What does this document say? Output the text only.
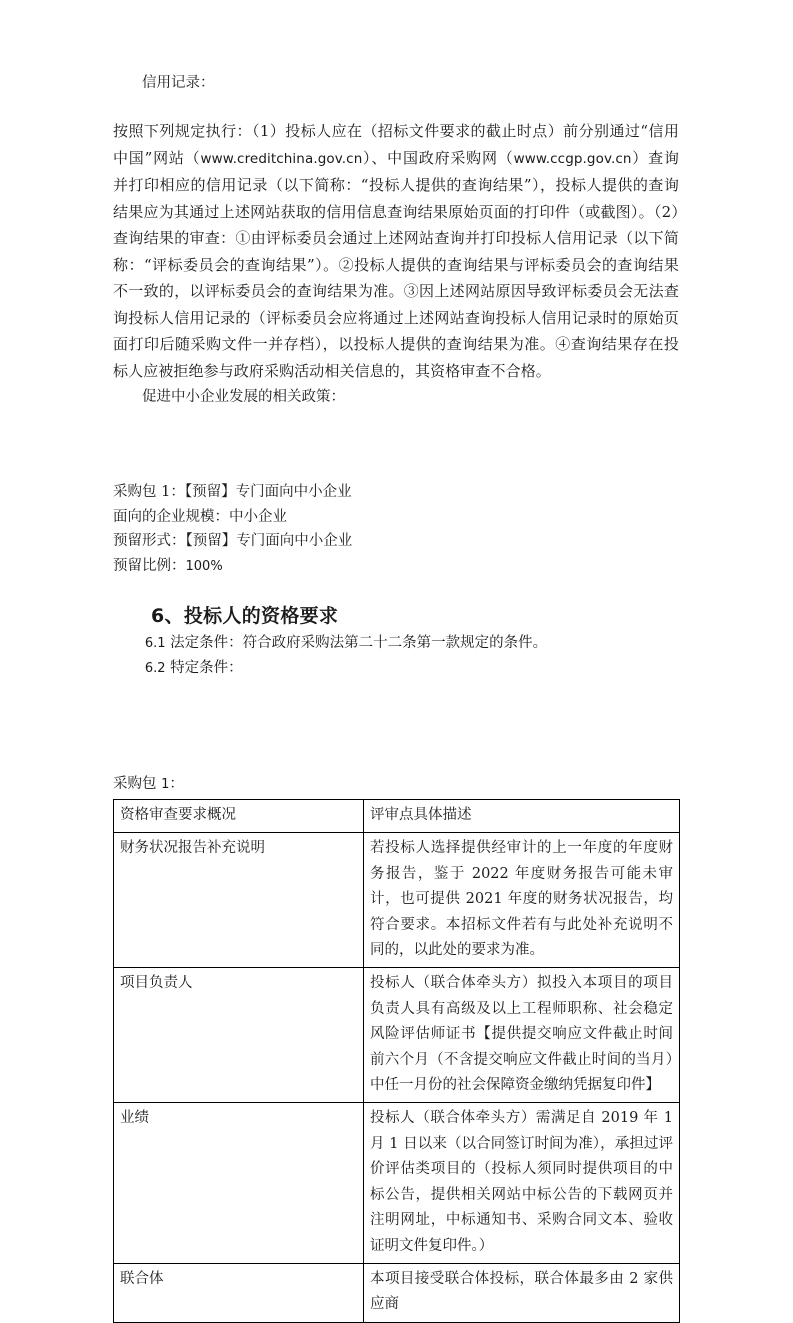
信用记录：

按照下列规定执行：（1）投标人应在（招标文件要求的截止时点）前分别通过“信用中国”网站（www.creditchina.gov.cn）、中国政府采购网（www.ccgp.gov.cn）查询并打印相应的信用记录（以下简称：“投标人提供的查询结果”），投标人提供的查询结果应为其通过上述网站获取的信用信息查询结果原始页面的打印件（或截图）。（2）查询结果的审查：①由评标委员会通过上述网站查询并打印投标人信用记录（以下简称：“评标委员会的查询结果”）。②投标人提供的查询结果与评标委员会的查询结果不一致的，以评标委员会的查询结果为准。③因上述网站原因导致评标委员会无法查询投标人信用记录的（评标委员会应将通过上述网站查询投标人信用记录时的原始页面打印后随采购文件一并存档），以投标人提供的查询结果为准。④查询结果存在投标人应被拒绝参与政府采购活动相关信息的，其资格审查不合格。

促进中小企业发展的相关政策：

采购包 1：【预留】专门面向中小企业

面向的企业规模：中小企业

预留形式：【预留】专门面向中小企业

预留比例：100%

6、投标人的资格要求

6.1 法定条件：符合政府采购法第二十二条第一款规定的条件。

6.2 特定条件：

采购包 1：

资格审查要求概况	评审点具体描述
财务状况报告补充说明	若投标人选择提供经审计的上一年度的年度财务报告，鉴于 2022 年度财务报告可能未审计，也可提供 2021 年度的财务状况报告，均符合要求。本招标文件若有与此处补充说明不同的，以此处的要求为准。
项目负责人	投标人（联合体牵头方）拟投入本项目的项目负责人具有高级及以上工程师职称、社会稳定风险评估师证书【提供提交响应文件截止时间前六个月（不含提交响应文件截止时间的当月）中任一月份的社会保障资金缴纳凭据复印件】
业绩	投标人（联合体牵头方）需满足自 2019 年 1 月 1 日以来（以合同签订时间为准），承担过评价评估类项目的（投标人须同时提供项目的中标公告，提供相关网站中标公告的下载网页并注明网址，中标通知书、采购合同文本、验收证明文件复印件。）
联合体	本项目接受联合体投标，联合体最多由 2 家供应商
